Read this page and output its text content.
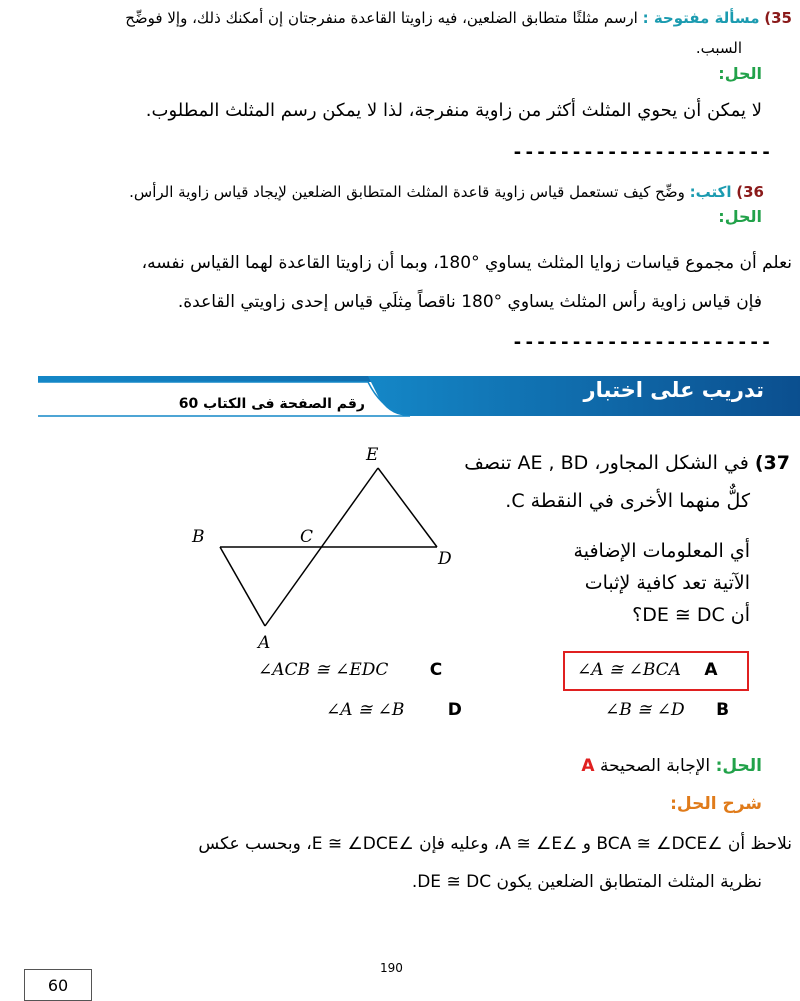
35) مسألة مفتوحة : ارسم مثلثًا متطابق الضلعين، فيه زاويتا القاعدة منفرجتان إن أمكنك ذلك، وإلا فوضِّح
السبب.
الحل:
لا يمكن أن يحوي المثلث أكثر من زاوية منفرجة، لذا لا يمكن رسم المثلث المطلوب.
----------------------
36) اكتب: وضِّح كيف تستعمل قياس زاوية قاعدة المثلث المتطابق الضلعين لإيجاد قياس زاوية الرأس.
الحل:
نعلم أن مجموع قياسات زوايا المثلث يساوي °180، وبما أن زاويتا القاعدة لهما القياس نفسه،
فإن قياس زاوية رأس المثلث يساوي °180 ناقصاً مِثلَي قياس إحدى زاويتي القاعدة.
----------------------
تدريب على اختبار
رقم الصفحة فى الكتاب 60
E
B	C
D
A
37) في الشكل المجاور، AE , BD تنصف
كلٌّ منهما الأخرى في النقطة C.
أي المعلومات الإضافية
الآتية تعد كافية لإثبات
أن DE ≅ DC؟
∠A ≅ ∠BCA A
∠B ≅ ∠D B
∠ACB ≅ ∠EDC C
∠A ≅ ∠B	D
الحل: الإجابة الصحيحة A
شرح الحل:
نلاحظ أن ∠BCA ≅ ∠DCE و ∠A ≅ ∠E، وعليه فإن ∠E ≅ ∠DCE، وبحسب عكس
نظرية المثلث المتطابق الضلعين يكون DE ≅ DC.
190
60
